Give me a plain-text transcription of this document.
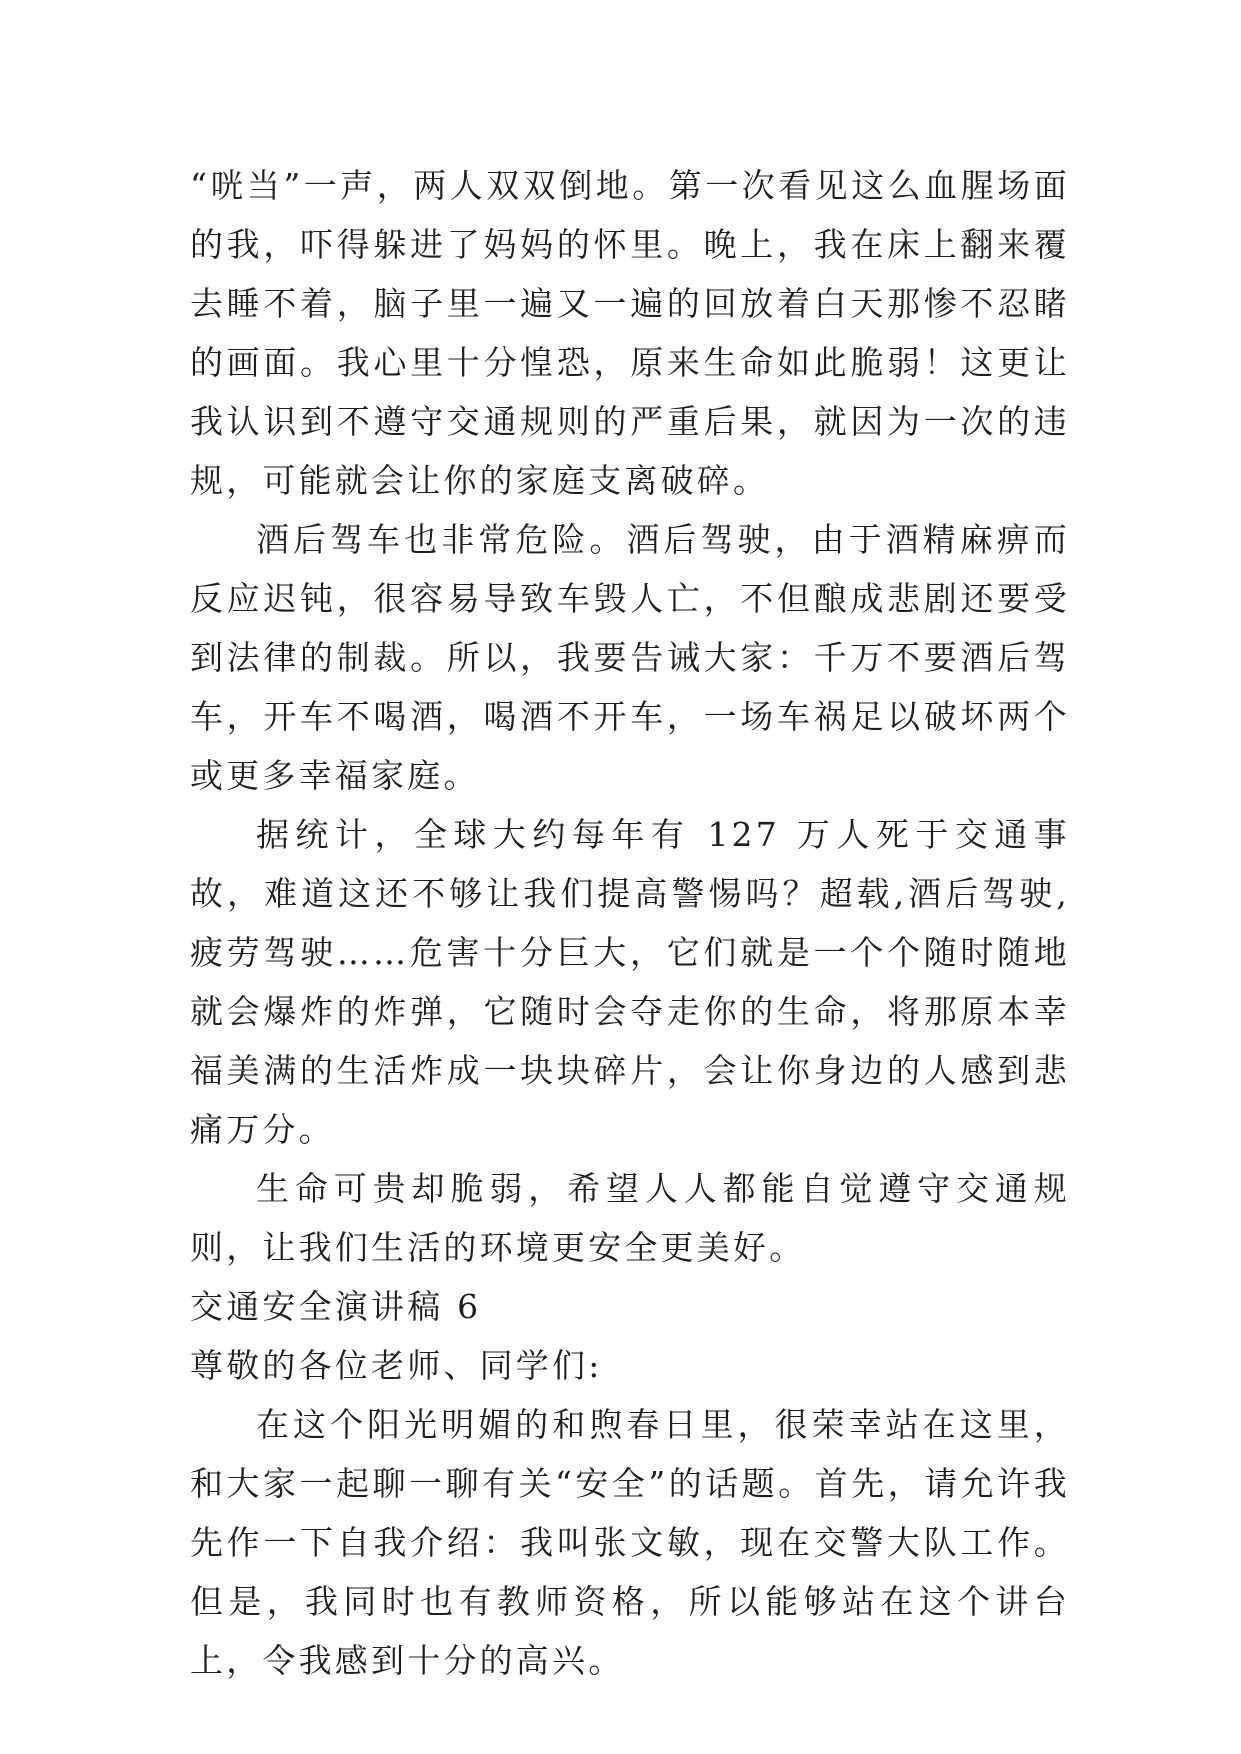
“咣当”一声，两人双双倒地。第一次看见这么血腥场面的我，吓得躲进了妈妈的怀里。晚上，我在床上翻来覆去睡不着，脑子里一遍又一遍的回放着白天那惨不忍睹的画面。我心里十分惶恐，原来生命如此脆弱！这更让我认识到不遵守交通规则的严重后果，就因为一次的违规，可能就会让你的家庭支离破碎。

酒后驾车也非常危险。酒后驾驶，由于酒精麻痹而反应迟钝，很容易导致车毁人亡，不但酿成悲剧还要受到法律的制裁。所以，我要告诫大家：千万不要酒后驾车，开车不喝酒，喝酒不开车，一场车祸足以破坏两个或更多幸福家庭。

据统计，全球大约每年有 127 万人死于交通事故，难道这还不够让我们提高警惕吗？超载,酒后驾驶,疲劳驾驶……危害十分巨大，它们就是一个个随时随地就会爆炸的炸弹，它随时会夺走你的生命，将那原本幸福美满的生活炸成一块块碎片，会让你身边的人感到悲痛万分。

生命可贵却脆弱，希望人人都能自觉遵守交通规则，让我们生活的环境更安全更美好。

交通安全演讲稿 6

尊敬的各位老师、同学们:

在这个阳光明媚的和煦春日里，很荣幸站在这里，和大家一起聊一聊有关“安全”的话题。首先，请允许我先作一下自我介绍：我叫张文敏，现在交警大队工作。但是，我同时也有教师资格，所以能够站在这个讲台上，令我感到十分的高兴。
